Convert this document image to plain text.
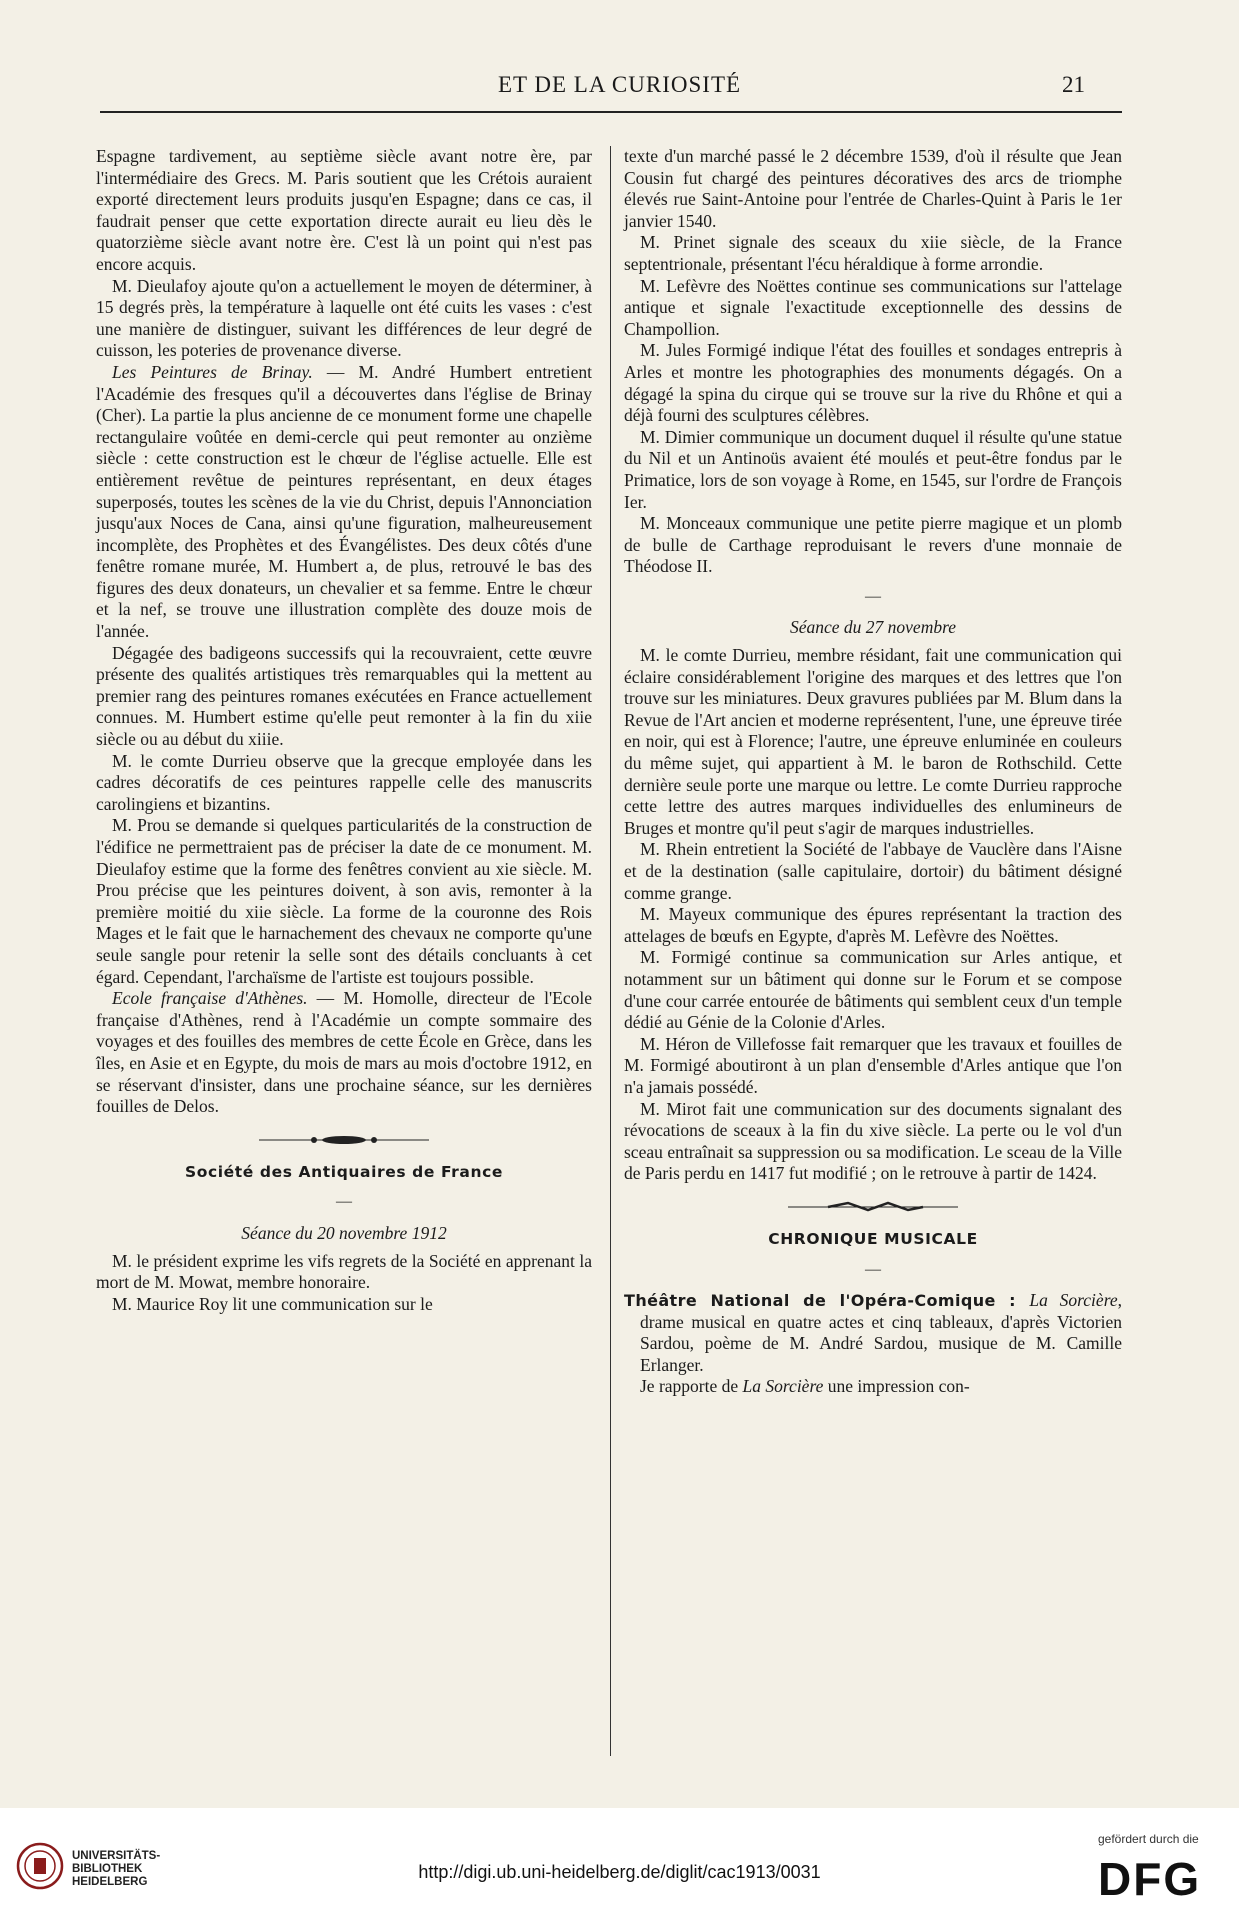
ET DE LA CURIOSITÉ	21

Espagne tardivement, au septième siècle avant notre ère, par l'intermédiaire des Grecs. M. Paris soutient que les Crétois auraient exporté directement leurs produits jusqu'en Espagne; dans ce cas, il faudrait penser que cette exportation directe aurait eu lieu dès le quatorzième siècle avant notre ère. C'est là un point qui n'est pas encore acquis.

M. Dieulafoy ajoute qu'on a actuellement le moyen de déterminer, à 15 degrés près, la température à laquelle ont été cuits les vases : c'est une manière de distinguer, suivant les différences de leur degré de cuisson, les poteries de provenance diverse.

Les Peintures de Brinay. — M. André Humbert entretient l'Académie des fresques qu'il a découvertes dans l'église de Brinay (Cher). La partie la plus ancienne de ce monument forme une chapelle rectangulaire voûtée en demi-cercle qui peut remonter au onzième siècle : cette construction est le chœur de l'église actuelle. Elle est entièrement revêtue de peintures représentant, en deux étages superposés, toutes les scènes de la vie du Christ, depuis l'Annonciation jusqu'aux Noces de Cana, ainsi qu'une figuration, malheureusement incomplète, des Prophètes et des Évangélistes. Des deux côtés d'une fenêtre romane murée, M. Humbert a, de plus, retrouvé le bas des figures des deux donateurs, un chevalier et sa femme. Entre le chœur et la nef, se trouve une illustration complète des douze mois de l'année.

Dégagée des badigeons successifs qui la recouvraient, cette œuvre présente des qualités artistiques très remarquables qui la mettent au premier rang des peintures romanes exécutées en France actuellement connues. M. Humbert estime qu'elle peut remonter à la fin du xiie siècle ou au début du xiiie.

M. le comte Durrieu observe que la grecque employée dans les cadres décoratifs de ces peintures rappelle celle des manuscrits carolingiens et bizantins.

M. Prou se demande si quelques particularités de la construction de l'édifice ne permettraient pas de préciser la date de ce monument. M. Dieulafoy estime que la forme des fenêtres convient au xie siècle. M. Prou précise que les peintures doivent, à son avis, remonter à la première moitié du xiie siècle. La forme de la couronne des Rois Mages et le fait que le harnachement des chevaux ne comporte qu'une seule sangle pour retenir la selle sont des détails concluants à cet égard. Cependant, l'archaïsme de l'artiste est toujours possible.

Ecole française d'Athènes. — M. Homolle, directeur de l'Ecole française d'Athènes, rend à l'Académie un compte sommaire des voyages et des fouilles des membres de cette École en Grèce, dans les îles, en Asie et en Egypte, du mois de mars au mois d'octobre 1912, en se réservant d'insister, dans une prochaine séance, sur les dernières fouilles de Delos.

Société des Antiquaires de France
—
Séance du 20 novembre 1912

M. le président exprime les vifs regrets de la Société en apprenant la mort de M. Mowat, membre honoraire.

M. Maurice Roy lit une communication sur le

texte d'un marché passé le 2 décembre 1539, d'où il résulte que Jean Cousin fut chargé des peintures décoratives des arcs de triomphe élevés rue Saint-Antoine pour l'entrée de Charles-Quint à Paris le 1er janvier 1540.

M. Prinet signale des sceaux du xiie siècle, de la France septentrionale, présentant l'écu héraldique à forme arrondie.

M. Lefèvre des Noëttes continue ses communications sur l'attelage antique et signale l'exactitude exceptionnelle des dessins de Champollion.

M. Jules Formigé indique l'état des fouilles et sondages entrepris à Arles et montre les photographies des monuments dégagés. On a dégagé la spina du cirque qui se trouve sur la rive du Rhône et qui a déjà fourni des sculptures célèbres.

M. Dimier communique un document duquel il résulte qu'une statue du Nil et un Antinoüs avaient été moulés et peut-être fondus par le Primatice, lors de son voyage à Rome, en 1545, sur l'ordre de François Ier.

M. Monceaux communique une petite pierre magique et un plomb de bulle de Carthage reproduisant le revers d'une monnaie de Théodose II.

—
Séance du 27 novembre

M. le comte Durrieu, membre résidant, fait une communication qui éclaire considérablement l'origine des marques et des lettres que l'on trouve sur les miniatures. Deux gravures publiées par M. Blum dans la Revue de l'Art ancien et moderne représentent, l'une, une épreuve tirée en noir, qui est à Florence; l'autre, une épreuve enluminée en couleurs du même sujet, qui appartient à M. le baron de Rothschild. Cette dernière seule porte une marque ou lettre. Le comte Durrieu rapproche cette lettre des autres marques individuelles des enlumineurs de Bruges et montre qu'il peut s'agir de marques industrielles.

M. Rhein entretient la Société de l'abbaye de Vauclère dans l'Aisne et de la destination (salle capitulaire, dortoir) du bâtiment désigné comme grange.

M. Mayeux communique des épures représentant la traction des attelages de bœufs en Egypte, d'après M. Lefèvre des Noëttes.

M. Formigé continue sa communication sur Arles antique, et notamment sur un bâtiment qui donne sur le Forum et se compose d'une cour carrée entourée de bâtiments qui semblent ceux d'un temple dédié au Génie de la Colonie d'Arles.

M. Héron de Villefosse fait remarquer que les travaux et fouilles de M. Formigé aboutiront à un plan d'ensemble d'Arles antique que l'on n'a jamais possédé.

M. Mirot fait une communication sur des documents signalant des révocations de sceaux à la fin du xive siècle. La perte ou le vol d'un sceau entraînait sa suppression ou sa modification. Le sceau de la Ville de Paris perdu en 1417 fut modifié ; on le retrouve à partir de 1424.

CHRONIQUE MUSICALE
—

Théâtre National de l'Opéra-Comique : La Sorcière, drame musical en quatre actes et cinq tableaux, d'après Victorien Sardou, poème de M. André Sardou, musique de M. Camille Erlanger.

Je rapporte de La Sorcière une impression con-

UNIVERSITÄTS-
BIBLIOTHEK
HEIDELBERG	http://digi.ub.uni-heidelberg.de/diglit/cac1913/0031
gefördert durch die
DFG
